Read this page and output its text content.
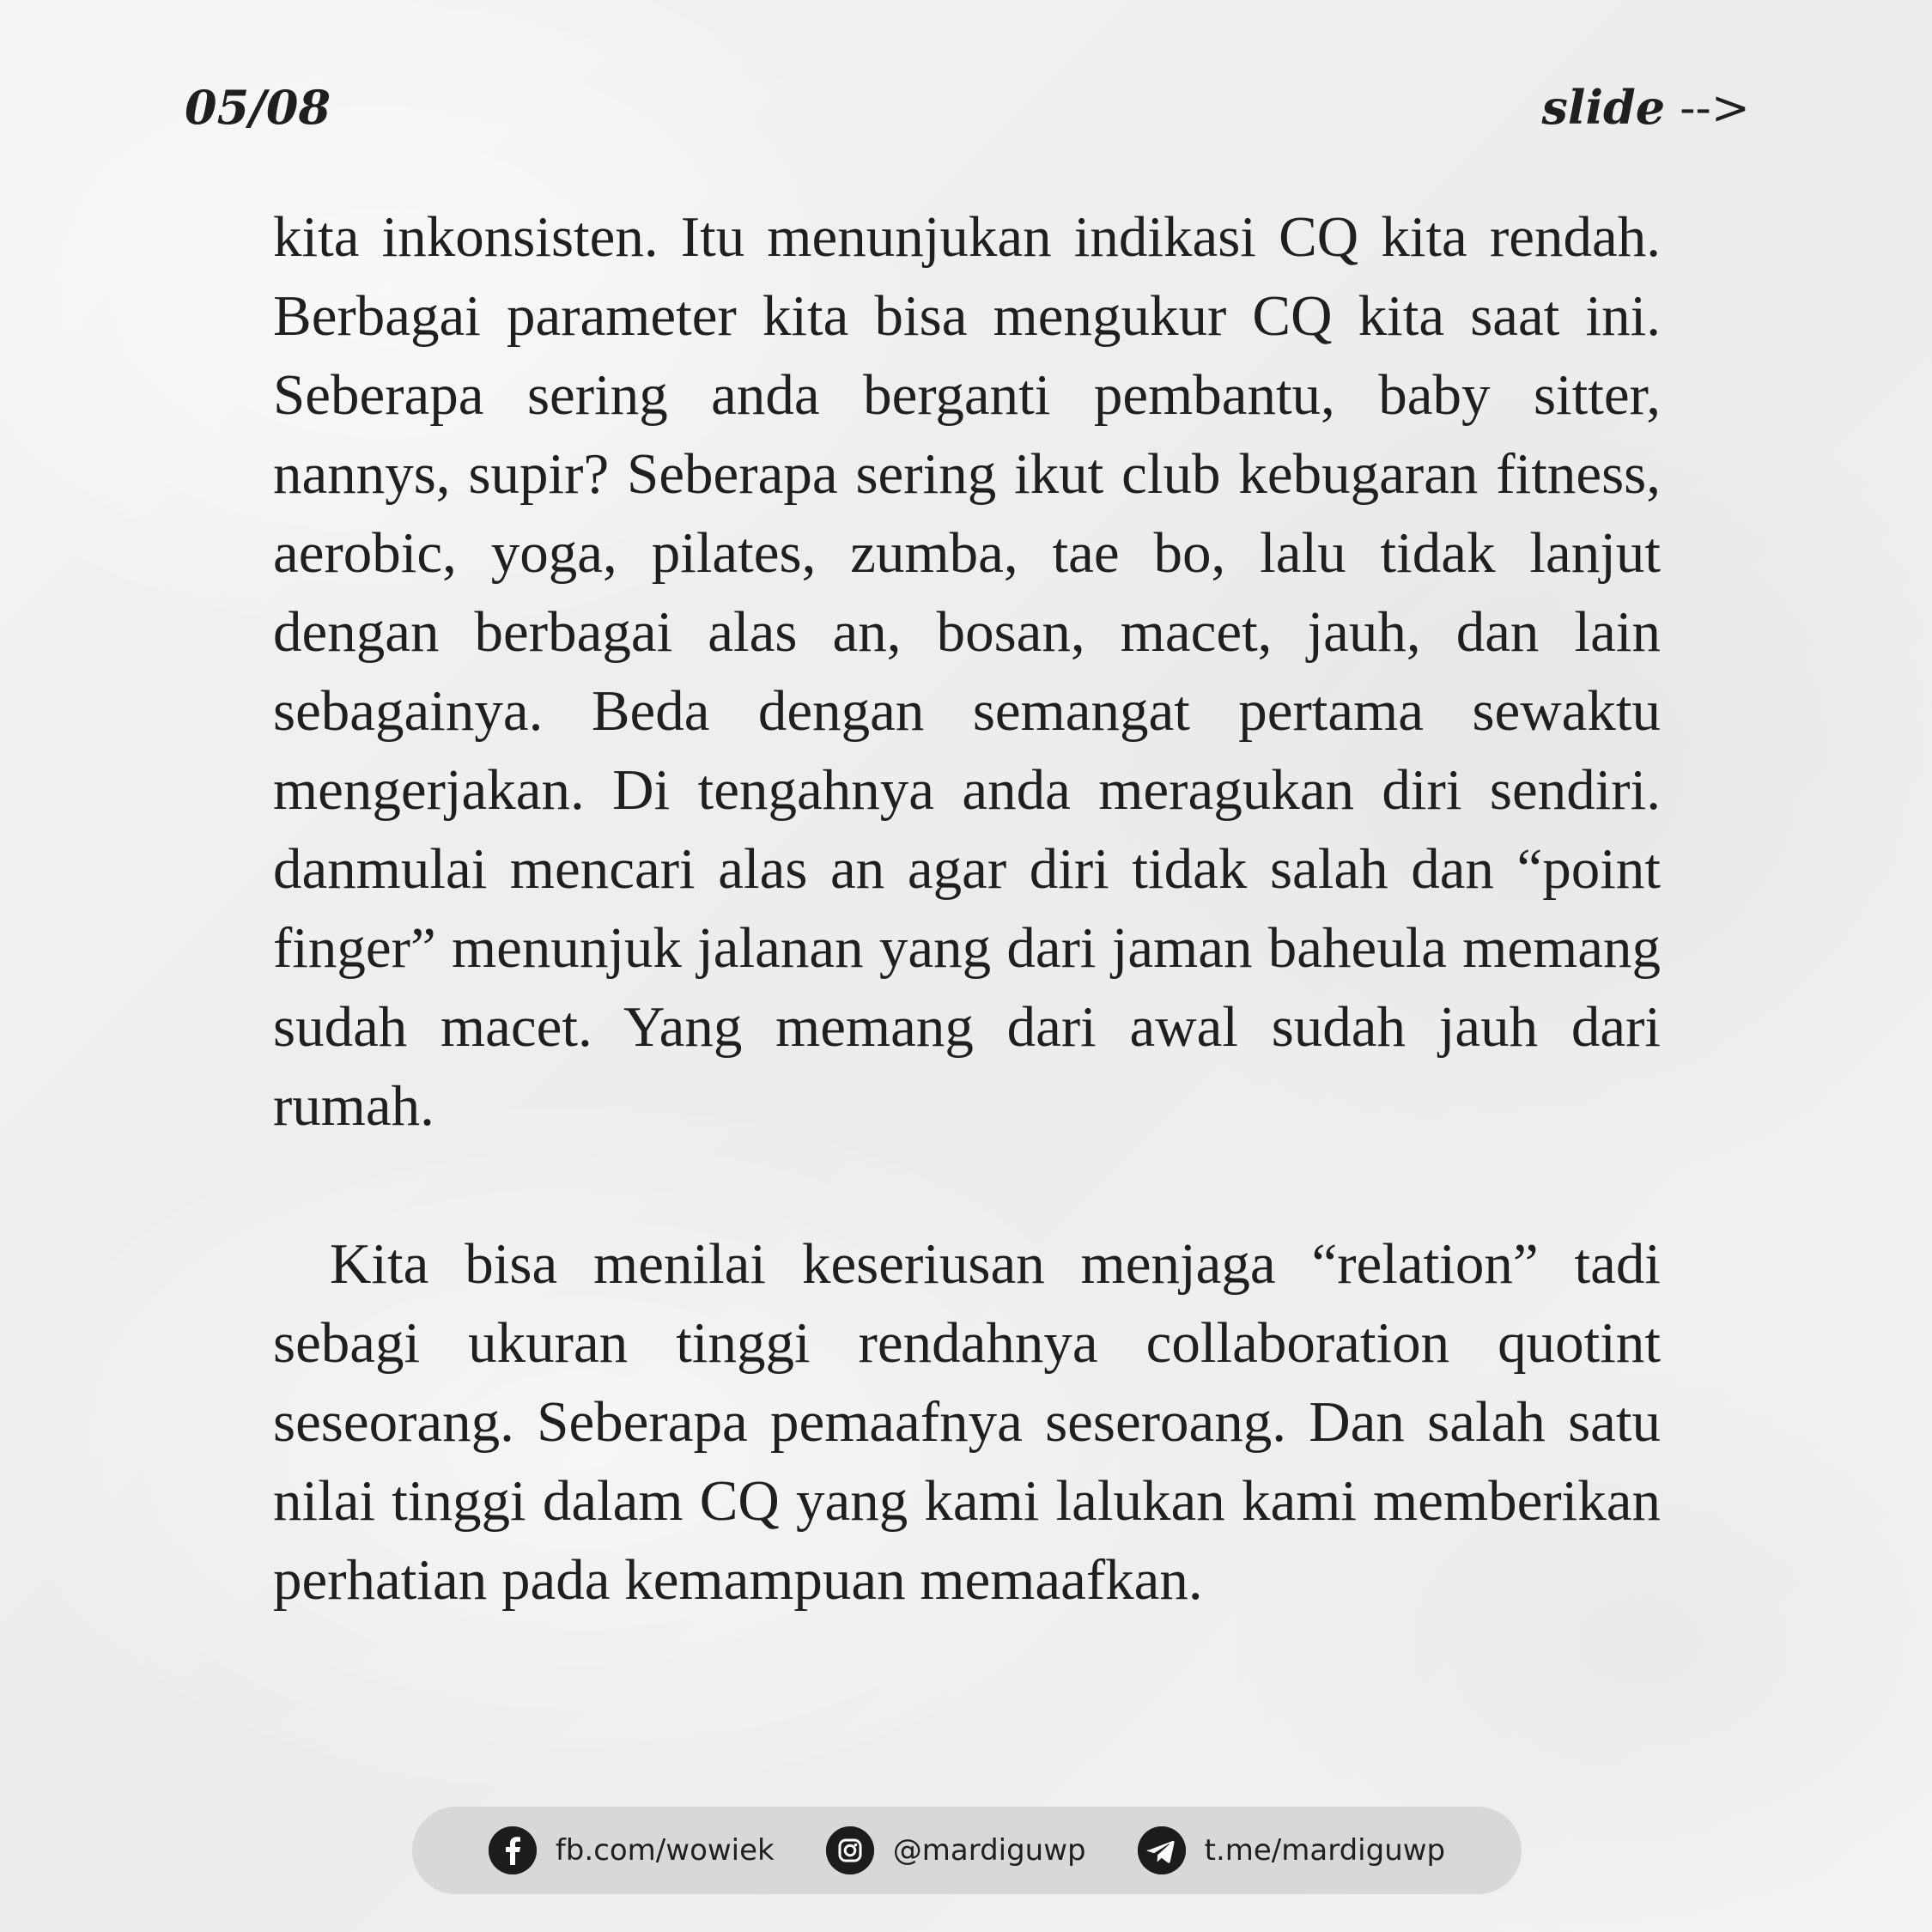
05/08	slide -->

kita inkonsisten. Itu menunjukan indikasi CQ kita rendah. Berbagai parameter kita bisa mengukur CQ kita saat ini. Seberapa sering anda berganti pembantu, baby sitter, nannys, supir? Seberapa sering ikut club kebugaran fitness, aerobic, yoga, pilates, zumba, tae bo, lalu tidak lanjut dengan berbagai alas an, bosan, macet, jauh, dan lain sebagainya. Beda dengan semangat pertama sewaktu mengerjakan. Di tengahnya anda meragukan diri sendiri. danmulai mencari alas an agar diri tidak salah dan “point finger” menunjuk jalanan yang dari jaman baheula memang sudah macet. Yang memang dari awal sudah jauh dari rumah.

Kita bisa menilai keseriusan menjaga “relation” tadi sebagi ukuran tinggi rendahnya collaboration quotint seseorang. Seberapa pemaafnya seseroang. Dan salah satu nilai tinggi dalam CQ yang kami lalukan kami memberikan perhatian pada kemampuan memaafkan.

fb.com/wowiek	@mardiguwp	t.me/mardiguwp
